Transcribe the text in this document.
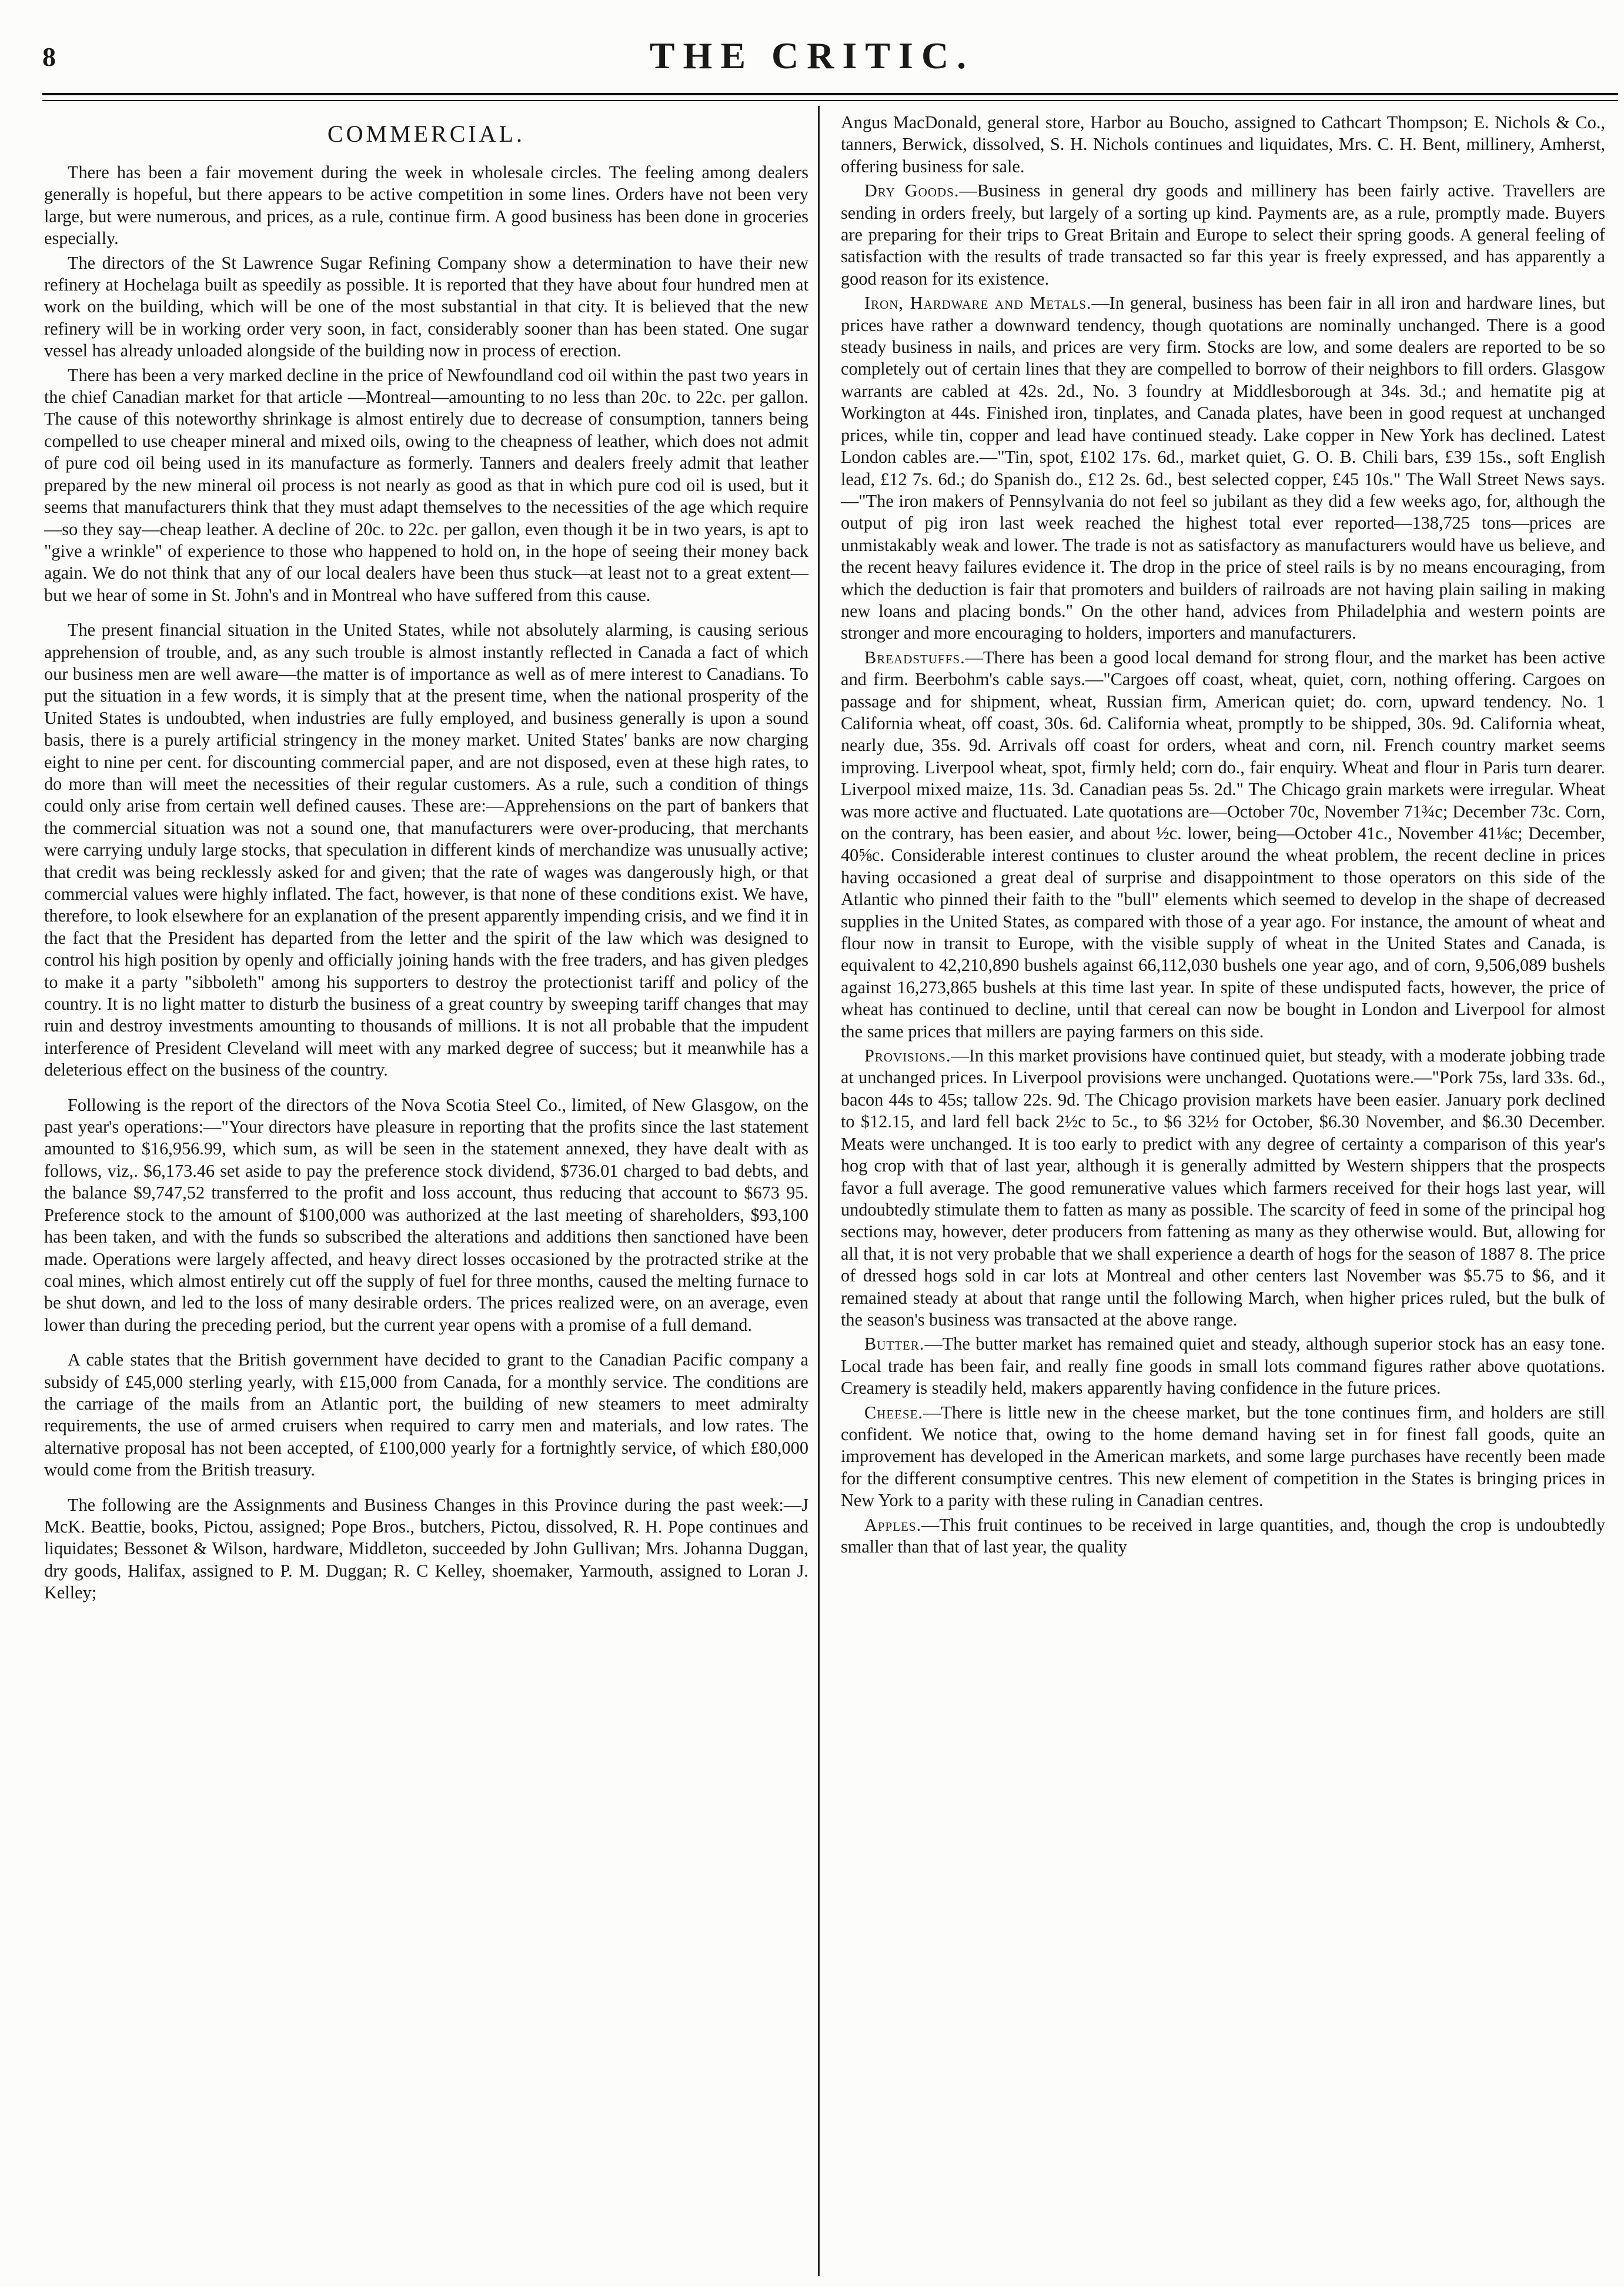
8	THE CRITIC.
COMMERCIAL.

There has been a fair movement during the week in wholesale circles. The feeling among dealers generally is hopeful, but there appears to be active competition in some lines. Orders have not been very large, but were numerous, and prices, as a rule, continue firm. A good business has been done in groceries especially.

The directors of the St Lawrence Sugar Refining Company show a determination to have their new refinery at Hochelaga built as speedily as possible. It is reported that they have about four hundred men at work on the building, which will be one of the most substantial in that city. It is believed that the new refinery will be in working order very soon, in fact, considerably sooner than has been stated. One sugar vessel has already unloaded alongside of the building now in process of erection.

There has been a very marked decline in the price of Newfoundland cod oil within the past two years in the chief Canadian market for that article —Montreal—amounting to no less than 20c. to 22c. per gallon. The cause of this noteworthy shrinkage is almost entirely due to decrease of consumption, tanners being compelled to use cheaper mineral and mixed oils, owing to the cheapness of leather, which does not admit of pure cod oil being used in its manufacture as formerly. Tanners and dealers freely admit that leather prepared by the new mineral oil process is not nearly as good as that in which pure cod oil is used, but it seems that manufacturers think that they must adapt themselves to the necessities of the age which require—so they say—cheap leather. A decline of 20c. to 22c. per gallon, even though it be in two years, is apt to "give a wrinkle" of experience to those who happened to hold on, in the hope of seeing their money back again. We do not think that any of our local dealers have been thus stuck—at least not to a great extent—but we hear of some in St. John's and in Montreal who have suffered from this cause.

The present financial situation in the United States, while not absolutely alarming, is causing serious apprehension of trouble, and, as any such trouble is almost instantly reflected in Canada a fact of which our business men are well aware—the matter is of importance as well as of mere interest to Canadians. To put the situation in a few words, it is simply that at the present time, when the national prosperity of the United States is undoubted, when industries are fully employed, and business generally is upon a sound basis, there is a purely artificial stringency in the money market. United States' banks are now charging eight to nine per cent. for discounting commercial paper, and are not disposed, even at these high rates, to do more than will meet the necessities of their regular customers. As a rule, such a condition of things could only arise from certain well defined causes. These are:—Apprehensions on the part of bankers that the commercial situation was not a sound one, that manufacturers were over-producing, that merchants were carrying unduly large stocks, that speculation in different kinds of merchandize was unusually active; that credit was being recklessly asked for and given; that the rate of wages was dangerously high, or that commercial values were highly inflated. The fact, however, is that none of these conditions exist. We have, therefore, to look elsewhere for an explanation of the present apparently impending crisis, and we find it in the fact that the President has departed from the letter and the spirit of the law which was designed to control his high position by openly and officially joining hands with the free traders, and has given pledges to make it a party "sibboleth" among his supporters to destroy the protectionist tariff and policy of the country. It is no light matter to disturb the business of a great country by sweeping tariff changes that may ruin and destroy investments amounting to thousands of millions. It is not all probable that the impudent interference of President Cleveland will meet with any marked degree of success; but it meanwhile has a deleterious effect on the business of the country.

Following is the report of the directors of the Nova Scotia Steel Co., limited, of New Glasgow, on the past year's operations:—"Your directors have pleasure in reporting that the profits since the last statement amounted to $16,956.99, which sum, as will be seen in the statement annexed, they have dealt with as follows, viz,. $6,173.46 set aside to pay the preference stock dividend, $736.01 charged to bad debts, and the balance $9,747,52 transferred to the profit and loss account, thus reducing that account to $673 95. Preference stock to the amount of $100,000 was authorized at the last meeting of shareholders, $93,100 has been taken, and with the funds so subscribed the alterations and additions then sanctioned have been made. Operations were largely affected, and heavy direct losses occasioned by the protracted strike at the coal mines, which almost entirely cut off the supply of fuel for three months, caused the melting furnace to be shut down, and led to the loss of many desirable orders. The prices realized were, on an average, even lower than during the preceding period, but the current year opens with a promise of a full demand.

A cable states that the British government have decided to grant to the Canadian Pacific company a subsidy of £45,000 sterling yearly, with £15,000 from Canada, for a monthly service. The conditions are the carriage of the mails from an Atlantic port, the building of new steamers to meet admiralty requirements, the use of armed cruisers when required to carry men and materials, and low rates. The alternative proposal has not been accepted, of £100,000 yearly for a fortnightly service, of which £80,000 would come from the British treasury.

The following are the Assignments and Business Changes in this Province during the past week:—J McK. Beattie, books, Pictou, assigned; Pope Bros., butchers, Pictou, dissolved, R. H. Pope continues and liquidates; Bessonet & Wilson, hardware, Middleton, succeeded by John Gullivan; Mrs. Johanna Duggan, dry goods, Halifax, assigned to P. M. Duggan; R. C Kelley, shoemaker, Yarmouth, assigned to Loran J. Kelley;

Angus MacDonald, general store, Harbor au Boucho, assigned to Cathcart Thompson; E. Nichols & Co., tanners, Berwick, dissolved, S. H. Nichols continues and liquidates, Mrs. C. H. Bent, millinery, Amherst, offering business for sale.

Dry Goods.—Business in general dry goods and millinery has been fairly active. Travellers are sending in orders freely, but largely of a sorting up kind. Payments are, as a rule, promptly made. Buyers are preparing for their trips to Great Britain and Europe to select their spring goods. A general feeling of satisfaction with the results of trade transacted so far this year is freely expressed, and has apparently a good reason for its existence.

Iron, Hardware and Metals.—In general, business has been fair in all iron and hardware lines, but prices have rather a downward tendency, though quotations are nominally unchanged. There is a good steady business in nails, and prices are very firm. Stocks are low, and some dealers are reported to be so completely out of certain lines that they are compelled to borrow of their neighbors to fill orders. Glasgow warrants are cabled at 42s. 2d., No. 3 foundry at Middlesborough at 34s. 3d.; and hematite pig at Workington at 44s. Finished iron, tinplates, and Canada plates, have been in good request at unchanged prices, while tin, copper and lead have continued steady. Lake copper in New York has declined. Latest London cables are.—"Tin, spot, £102 17s. 6d., market quiet, G. O. B. Chili bars, £39 15s., soft English lead, £12 7s. 6d.; do Spanish do., £12 2s. 6d., best selected copper, £45 10s." The Wall Street News says.—"The iron makers of Pennsylvania do not feel so jubilant as they did a few weeks ago, for, although the output of pig iron last week reached the highest total ever reported—138,725 tons—prices are unmistakably weak and lower. The trade is not as satisfactory as manufacturers would have us believe, and the recent heavy failures evidence it. The drop in the price of steel rails is by no means encouraging, from which the deduction is fair that promoters and builders of railroads are not having plain sailing in making new loans and placing bonds." On the other hand, advices from Philadelphia and western points are stronger and more encouraging to holders, importers and manufacturers.

Breadstuffs.—There has been a good local demand for strong flour, and the market has been active and firm. Beerbohm's cable says.—"Cargoes off coast, wheat, quiet, corn, nothing offering. Cargoes on passage and for shipment, wheat, Russian firm, American quiet; do. corn, upward tendency. No. 1 California wheat, off coast, 30s. 6d. California wheat, promptly to be shipped, 30s. 9d. California wheat, nearly due, 35s. 9d. Arrivals off coast for orders, wheat and corn, nil. French country market seems improving. Liverpool wheat, spot, firmly held; corn do., fair enquiry. Wheat and flour in Paris turn dearer. Liverpool mixed maize, 11s. 3d. Canadian peas 5s. 2d." The Chicago grain markets were irregular. Wheat was more active and fluctuated. Late quotations are—October 70c, November 71¾c; December 73c. Corn, on the contrary, has been easier, and about ½c. lower, being—October 41c., November 41⅛c; December, 40⅝c. Considerable interest continues to cluster around the wheat problem, the recent decline in prices having occasioned a great deal of surprise and disappointment to those operators on this side of the Atlantic who pinned their faith to the "bull" elements which seemed to develop in the shape of decreased supplies in the United States, as compared with those of a year ago. For instance, the amount of wheat and flour now in transit to Europe, with the visible supply of wheat in the United States and Canada, is equivalent to 42,210,890 bushels against 66,112,030 bushels one year ago, and of corn, 9,506,089 bushels against 16,273,865 bushels at this time last year. In spite of these undisputed facts, however, the price of wheat has continued to decline, until that cereal can now be bought in London and Liverpool for almost the same prices that millers are paying farmers on this side.

Provisions.—In this market provisions have continued quiet, but steady, with a moderate jobbing trade at unchanged prices. In Liverpool provisions were unchanged. Quotations were.—"Pork 75s, lard 33s. 6d., bacon 44s to 45s; tallow 22s. 9d. The Chicago provision markets have been easier. January pork declined to $12.15, and lard fell back 2½c to 5c., to $6 32½ for October, $6.30 November, and $6.30 December. Meats were unchanged. It is too early to predict with any degree of certainty a comparison of this year's hog crop with that of last year, although it is generally admitted by Western shippers that the prospects favor a full average. The good remunerative values which farmers received for their hogs last year, will undoubtedly stimulate them to fatten as many as possible. The scarcity of feed in some of the principal hog sections may, however, deter producers from fattening as many as they otherwise would. But, allowing for all that, it is not very probable that we shall experience a dearth of hogs for the season of 1887 8. The price of dressed hogs sold in car lots at Montreal and other centers last November was $5.75 to $6, and it remained steady at about that range until the following March, when higher prices ruled, but the bulk of the season's business was transacted at the above range.

Butter.—The butter market has remained quiet and steady, although superior stock has an easy tone. Local trade has been fair, and really fine goods in small lots command figures rather above quotations. Creamery is steadily held, makers apparently having confidence in the future prices.

Cheese.—There is little new in the cheese market, but the tone continues firm, and holders are still confident. We notice that, owing to the home demand having set in for finest fall goods, quite an improvement has developed in the American markets, and some large purchases have recently been made for the different consumptive centres. This new element of competition in the States is bringing prices in New York to a parity with these ruling in Canadian centres.

Apples.—This fruit continues to be received in large quantities, and, though the crop is undoubtedly smaller than that of last year, the quality
